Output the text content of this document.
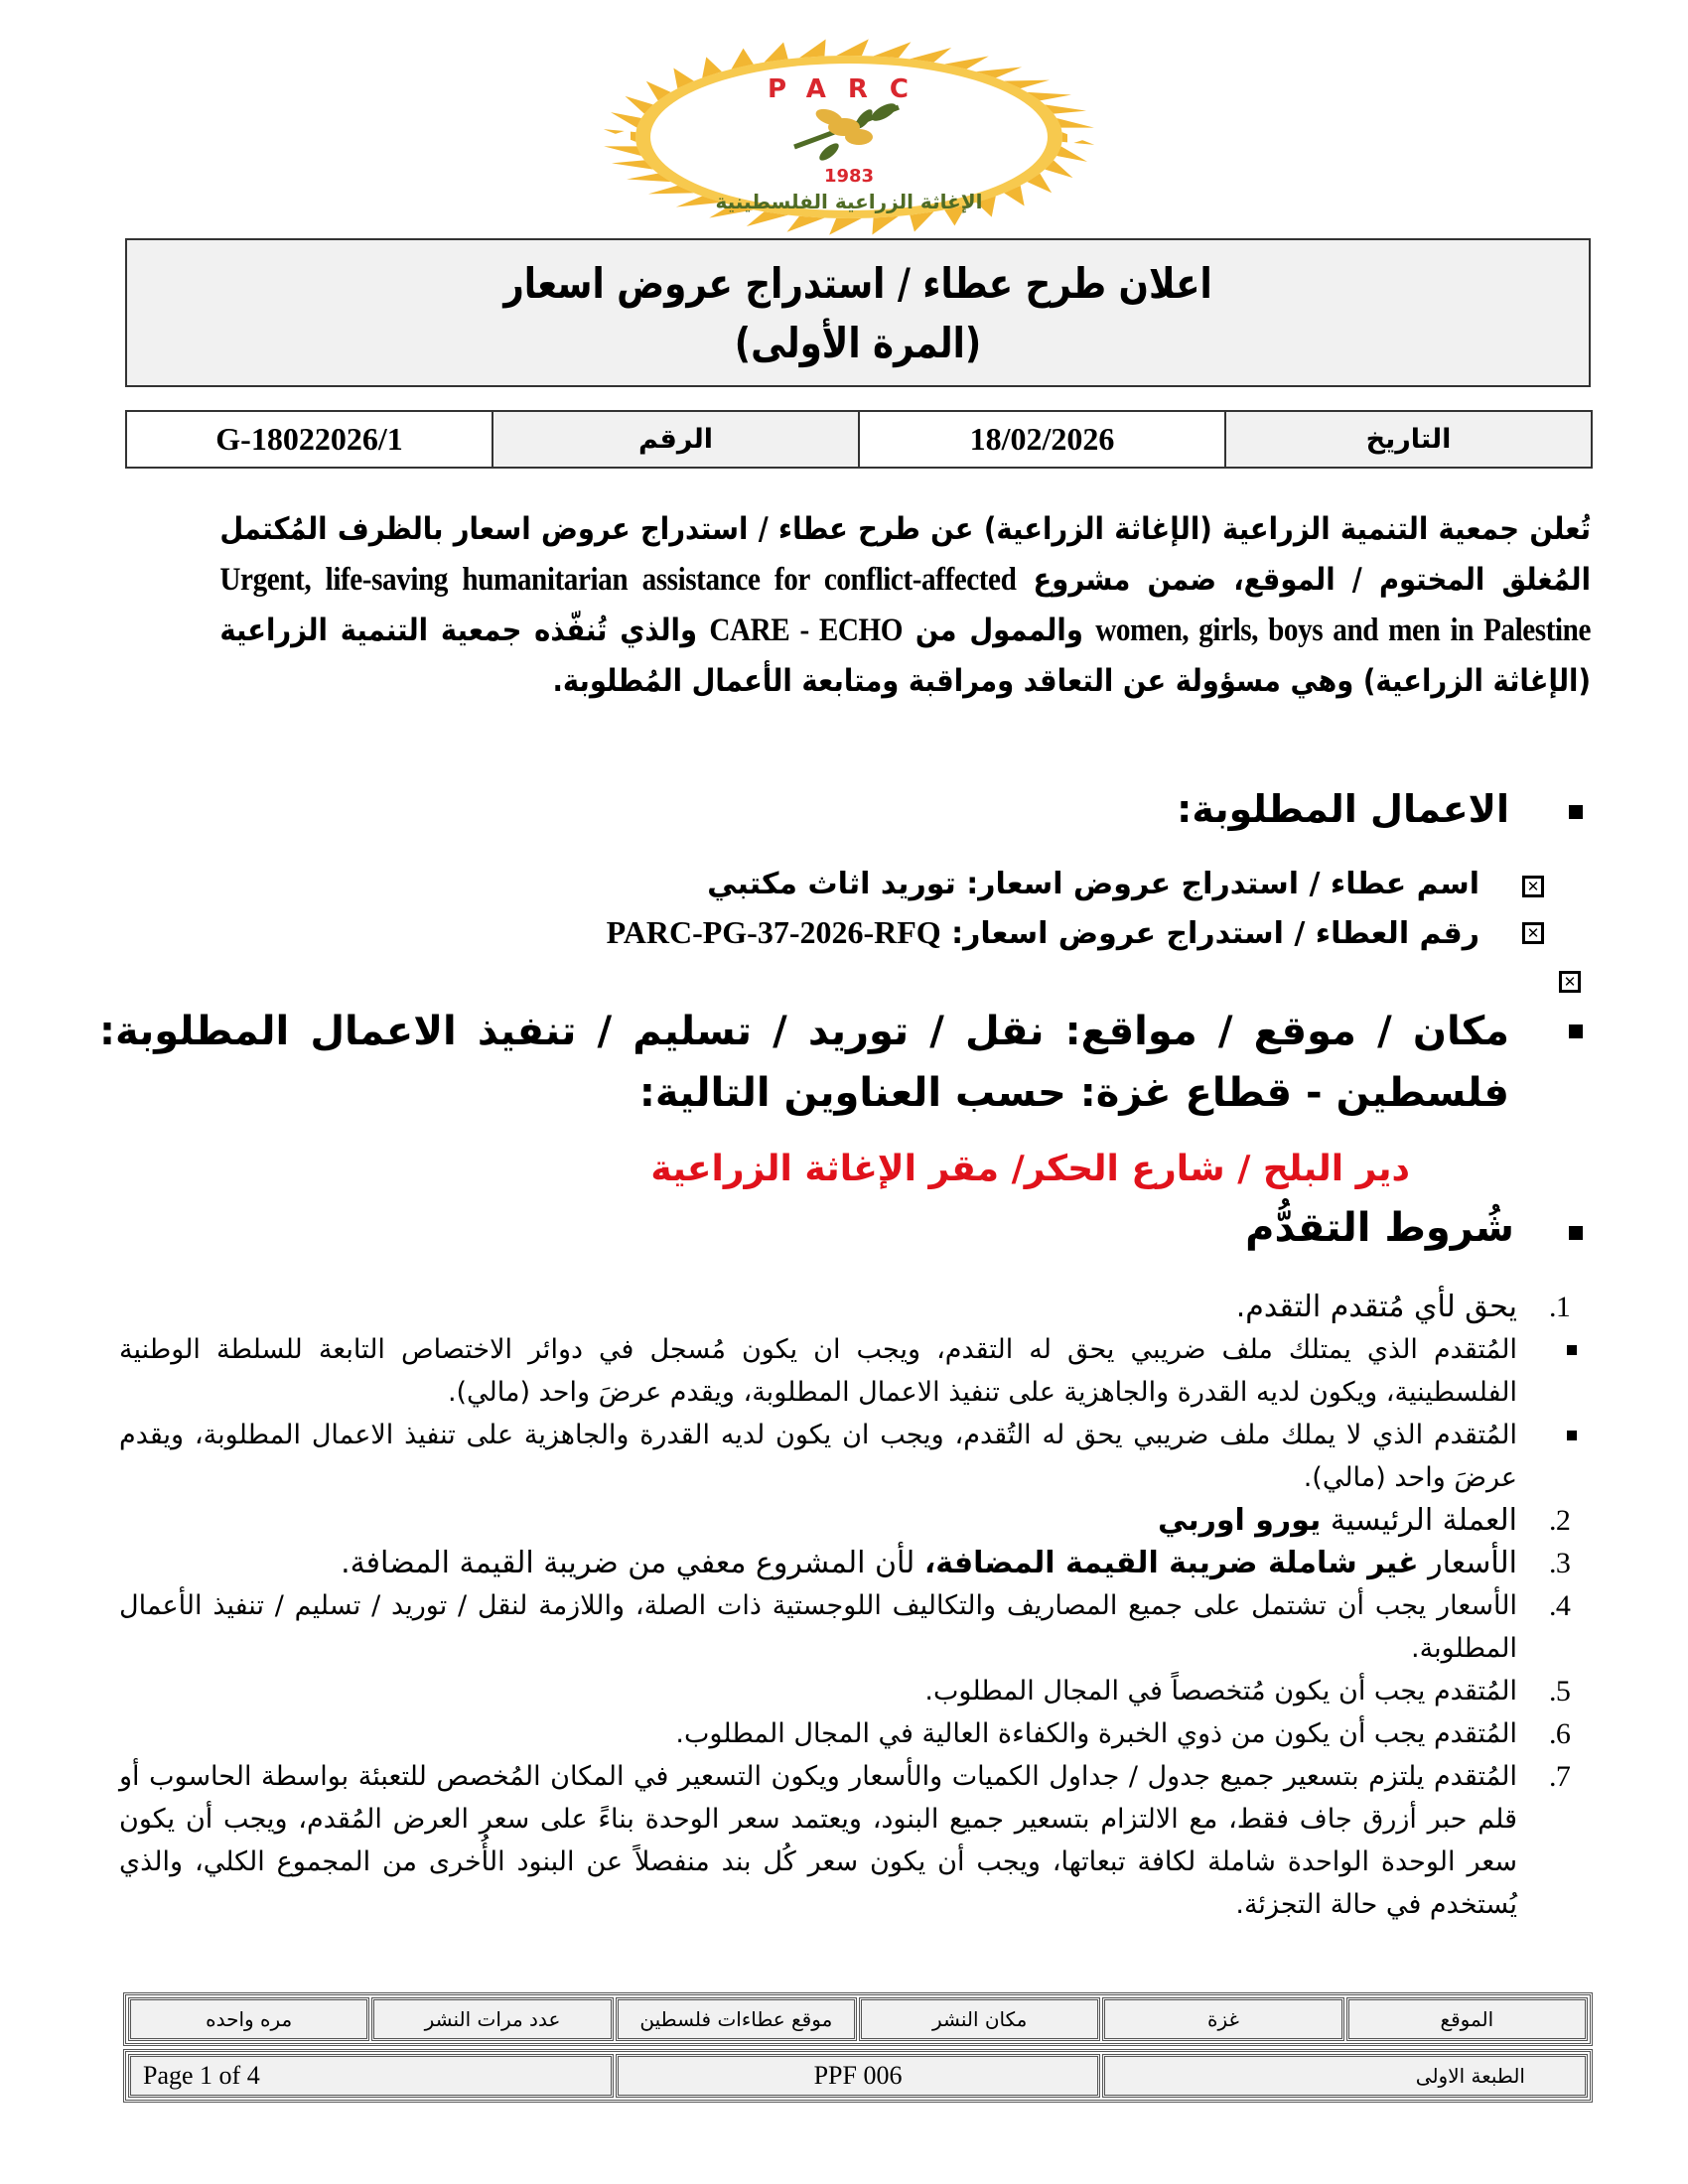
PARC
1983
الإغاثة الزراعية الفلسطينية
اعلان طرح عطاء / استدراج عروض اسعار
(المرة الأولى)
التاريخ	18/02/2026	الرقم	G-18022026/1
تُعلن جمعية التنمية الزراعية (الإغاثة الزراعية) عن طرح عطاء / استدراج عروض اسعار بالظرف المُكتمل المُغلق المختوم / الموقع، ضمن مشروع Urgent, life-saving humanitarian assistance for conflict-affected women, girls, boys and men in Palestine والممول من CARE - ECHO والذي تُنفّذه جمعية التنمية الزراعية (الإغاثة الزراعية) وهي مسؤولة عن التعاقد ومراقبة ومتابعة الأعمال المُطلوبة.
الاعمال المطلوبة:
✕
اسم عطاء / استدراج عروض اسعار: توريد اثاث مكتبي
✕
رقم العطاء / استدراج عروض اسعار: PARC-PG-37-2026-RFQ
✕
مكان / موقع / مواقع: نقل / توريد / تسليم / تنفيذ الاعمال المطلوبة: فلسطين - قطاع غزة: حسب العناوين التالية:
دير البلح / شارع الحكر/ مقر الإغاثة الزراعية
شُروط التقدُّم
1.
يحق لأي مُتقدم التقدم.
المُتقدم الذي يمتلك ملف ضريبي يحق له التقدم، ويجب ان يكون مُسجل في دوائر الاختصاص التابعة للسلطة الوطنية الفلسطينية، ويكون لديه القدرة والجاهزية على تنفيذ الاعمال المطلوبة، ويقدم عرضَ واحد (مالي).
المُتقدم الذي لا يملك ملف ضريبي يحق له التُقدم، ويجب ان يكون لديه القدرة والجاهزية على تنفيذ الاعمال المطلوبة، ويقدم عرضَ واحد (مالي).
2.
العملة الرئيسية يورو اوربي
3.
الأسعار غير شاملة ضريبة القيمة المضافة، لأن المشروع معفي من ضريبة القيمة المضافة.
4.
الأسعار يجب أن تشتمل على جميع المصاريف والتكاليف اللوجستية ذات الصلة، واللازمة لنقل / توريد / تسليم / تنفيذ الأعمال المطلوبة.
5.
المُتقدم يجب أن يكون مُتخصصاً في المجال المطلوب.
6.
المُتقدم يجب أن يكون من ذوي الخبرة والكفاءة العالية في المجال المطلوب.
7.
المُتقدم يلتزم بتسعير جميع جدول / جداول الكميات والأسعار ويكون التسعير في المكان المُخصص للتعبئة بواسطة الحاسوب أو قلم حبر أزرق جاف فقط، مع الالتزام بتسعير جميع البنود، ويعتمد سعر الوحدة بناءً على سعر العرض المُقدم، ويجب أن يكون سعر الوحدة الواحدة شاملة لكافة تبعاتها، ويجب أن يكون سعر كُل بند منفصلاً عن البنود الأُخرى من المجموع الكلي، والذي يُستخدم في حالة التجزئة.
الموقع	غزة	مكان النشر	موقع عطاءات فلسطين	عدد مرات النشر	مره واحده
الطبعة الاولى	PPF 006	Page 1 of 4
